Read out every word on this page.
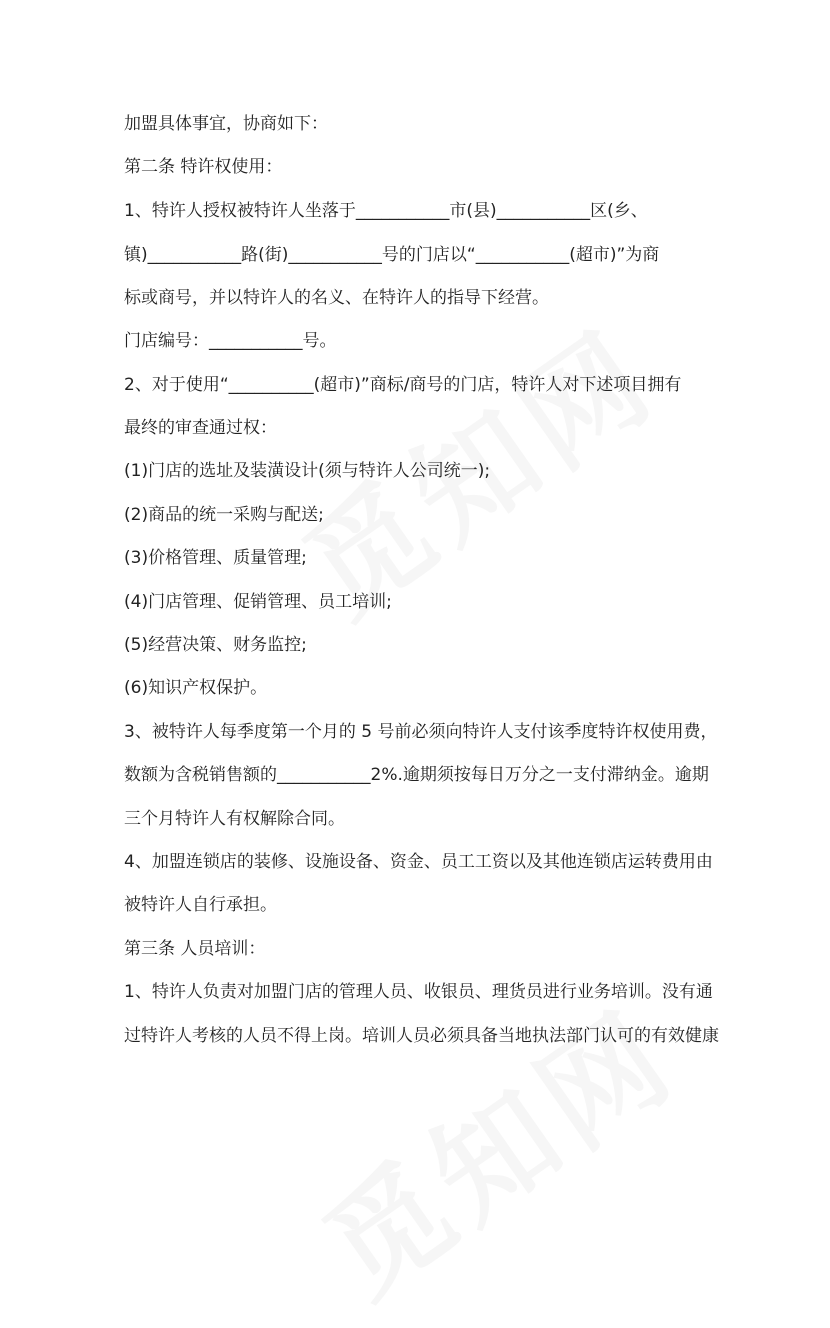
加盟具体事宜，协商如下：
第二条 特许权使用：
1、特许人授权被特许人坐落于___________市(县)___________区(乡、
镇)___________路(街)___________号的门店以“___________(超市)”为商
标或商号，并以特许人的名义、在特许人的指导下经营。
门店编号：___________号。
2、对于使用“__________(超市)”商标/商号的门店，特许人对下述项目拥有
最终的审查通过权：
(1)门店的选址及装潢设计(须与特许人公司统一);
(2)商品的统一采购与配送;
(3)价格管理、质量管理;
(4)门店管理、促销管理、员工培训;
(5)经营决策、财务监控;
(6)知识产权保护。
3、被特许人每季度第一个月的 5 号前必须向特许人支付该季度特许权使用费，
数额为含税销售额的___________2%.逾期须按每日万分之一支付滞纳金。逾期
三个月特许人有权解除合同。
4、加盟连锁店的装修、设施设备、资金、员工工资以及其他连锁店运转费用由
被特许人自行承担。
第三条 人员培训：
1、特许人负责对加盟门店的管理人员、收银员、理货员进行业务培训。没有通
过特许人考核的人员不得上岗。培训人员必须具备当地执法部门认可的有效健康
